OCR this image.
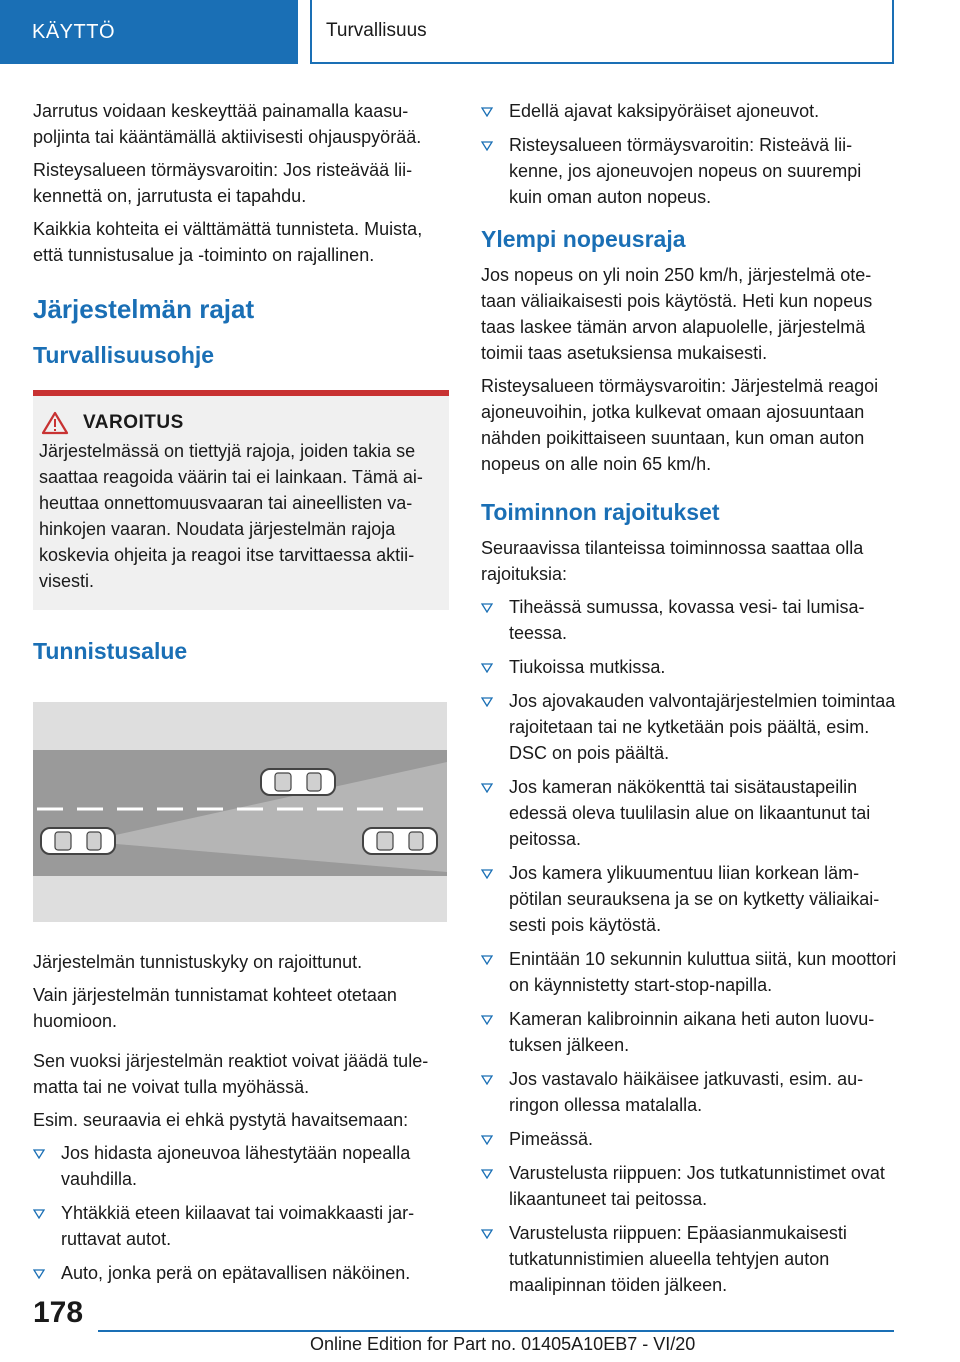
KÄYTTÖ	Turvallisuus

Jarrutus voidaan keskeyttää painamalla kaasupoljinta tai kääntämällä aktiivisesti ohjauspyörää.

Risteysalueen törmäysvaroitin: Jos risteävää liikennettä on, jarrutusta ei tapahdu.

Kaikkia kohteita ei välttämättä tunnisteta. Muista, että tunnistusalue ja -toiminto on rajallinen.

Järjestelmän rajat
Turvallisuusohje
VAROITUS
Järjestelmässä on tiettyjä rajoja, joiden takia se saattaa reagoida väärin tai ei lainkaan. Tämä aiheuttaa onnettomuusvaaran tai aineellisten vahinkojen vaaran. Noudata järjestelmän rajoja koskevia ohjeita ja reagoi itse tarvittaessa aktiivisesti.
Tunnistusalue

Järjestelmän tunnistuskyky on rajoittunut.

Vain järjestelmän tunnistamat kohteet otetaan huomioon.

Sen vuoksi järjestelmän reaktiot voivat jäädä tulematta tai ne voivat tulla myöhässä.

Esim. seuraavia ei ehkä pystytä havaitsemaan:

Jos hidasta ajoneuvoa lähestytään nopealla vauhdilla.
Yhtäkkiä eteen kiilaavat tai voimakkaasti jarruttavat autot.
Auto, jonka perä on epätavallisen näköinen.
Edellä ajavat kaksipyöräiset ajoneuvot.
Risteysalueen törmäysvaroitin: Risteävä liikenne, jos ajoneuvojen nopeus on suurempi kuin oman auton nopeus.
Ylempi nopeusraja

Jos nopeus on yli noin 250 km/h, järjestelmä otetaan väliaikaisesti pois käytöstä. Heti kun nopeus taas laskee tämän arvon alapuolelle, järjestelmä toimii taas asetuksiensa mukaisesti.

Risteysalueen törmäysvaroitin: Järjestelmä reagoi ajoneuvoihin, jotka kulkevat omaan ajosuuntaan nähden poikittaiseen suuntaan, kun oman auton nopeus on alle noin 65 km/h.

Toiminnon rajoitukset

Seuraavissa tilanteissa toiminnossa saattaa olla rajoituksia:

Tiheässä sumussa, kovassa vesi- tai lumisateessa.
Tiukoissa mutkissa.
Jos ajovakauden valvontajärjestelmien toimintaa rajoitetaan tai ne kytketään pois päältä, esim. DSC on pois päältä.
Jos kameran näkökenttä tai sisätaustapeilin edessä oleva tuulilasin alue on likaantunut tai peitossa.
Jos kamera ylikuumentuu liian korkean lämpötilan seurauksena ja se on kytketty väliaikaisesti pois käytöstä.
Enintään 10 sekunnin kuluttua siitä, kun moottori on käynnistetty start-stop-napilla.
Kameran kalibroinnin aikana heti auton luovutuksen jälkeen.
Jos vastavalo häikäisee jatkuvasti, esim. auringon ollessa matalalla.
Pimeässä.
Varustelusta riippuen: Jos tutkatunnistimet ovat likaantuneet tai peitossa.
Varustelusta riippuen: Epäasianmukaisesti tutkatunnistimien alueella tehtyjen auton maalipinnan töiden jälkeen.
178
Online Edition for Part no. 01405A10EB7 - VI/20
